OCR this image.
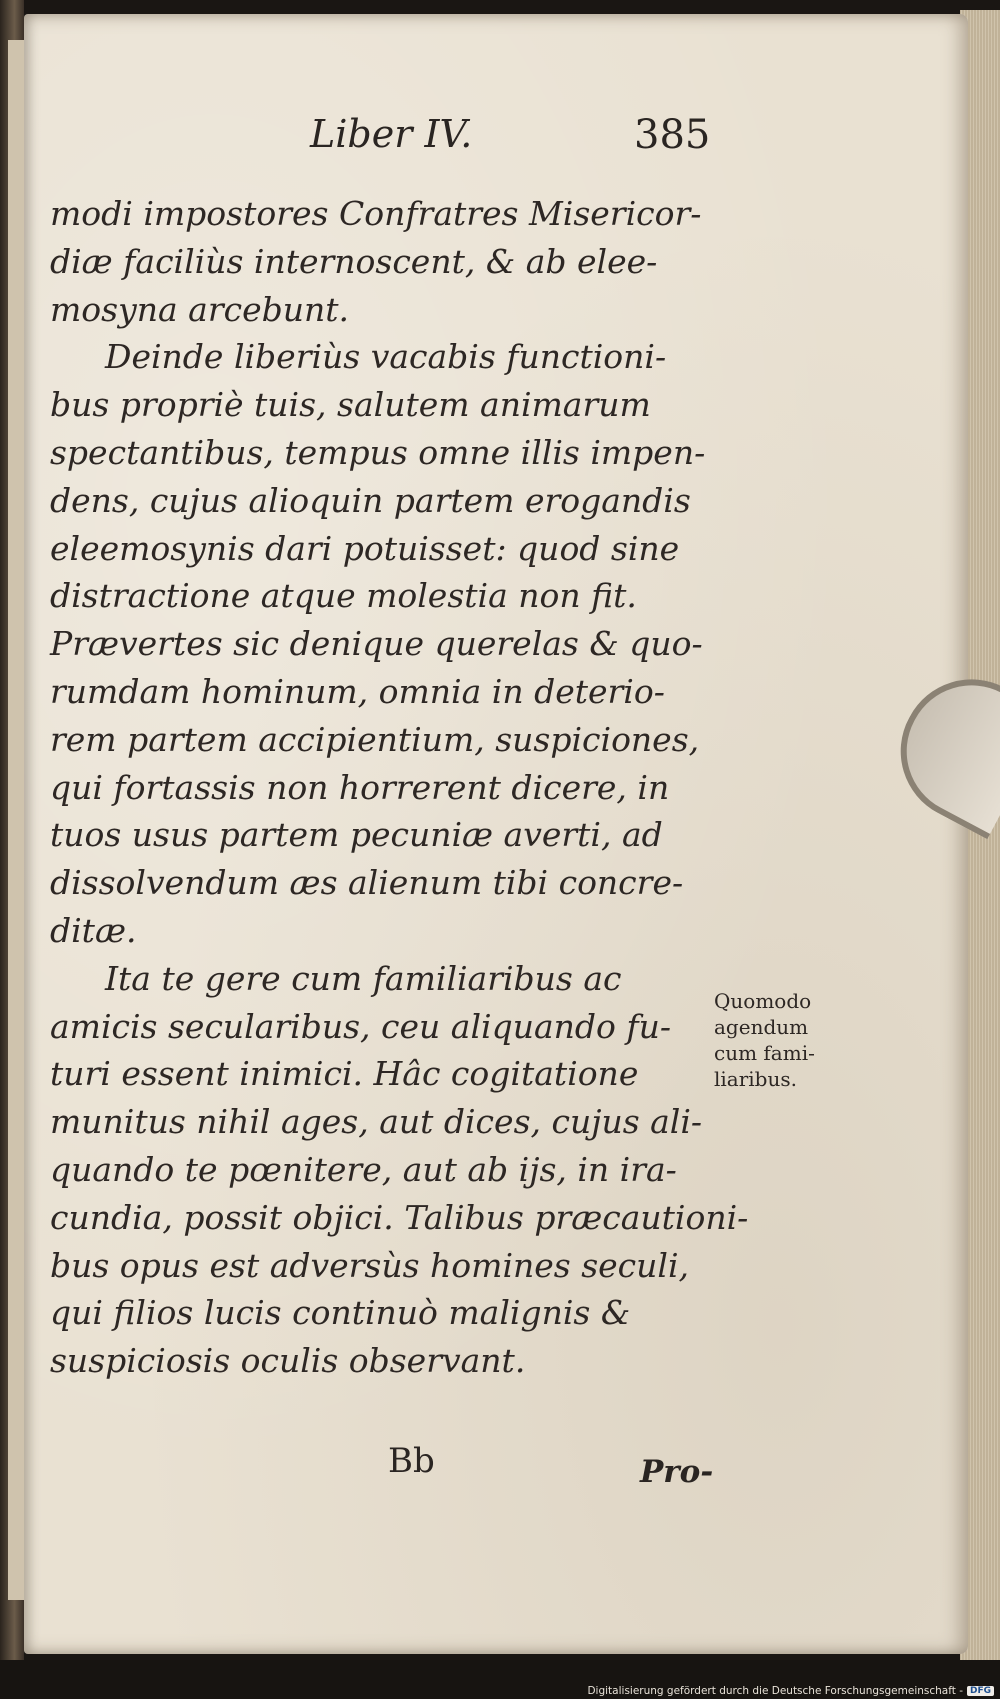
Liber IV.	385
modi impostores Confratres Misericor-
diæ faciliùs internoscent, & ab elee-
mosyna arcebunt.
Deinde liberiùs vacabis functioni-
bus propriè tuis, salutem animarum
spectantibus, tempus omne illis impen-
dens, cujus alioquin partem erogandis
eleemosynis dari potuisset: quod sine
distractione atque molestia non fit.
Prævertes sic denique querelas & quo-
rumdam hominum, omnia in deterio-
rem partem accipientium, suspiciones,
qui fortassis non horrerent dicere, in
tuos usus partem pecuniæ averti, ad
dissolvendum æs alienum tibi concre-
ditæ.
Ita te gere cum familiaribus ac
amicis secularibus, ceu aliquando fu-
turi essent inimici. Hâc cogitatione
munitus nihil ages, aut dices, cujus ali-
quando te pœnitere, aut ab ijs, in ira-
cundia, possit objici. Talibus præcautioni-
bus opus est adversùs homines seculi,
qui filios lucis continuò malignis &
suspiciosis oculis observant.
Quomodo
agendum
cum fami-
liaribus.
Bb	Pro-
Digitalisierung gefördert durch die Deutsche Forschungsgemeinschaft - DFG
